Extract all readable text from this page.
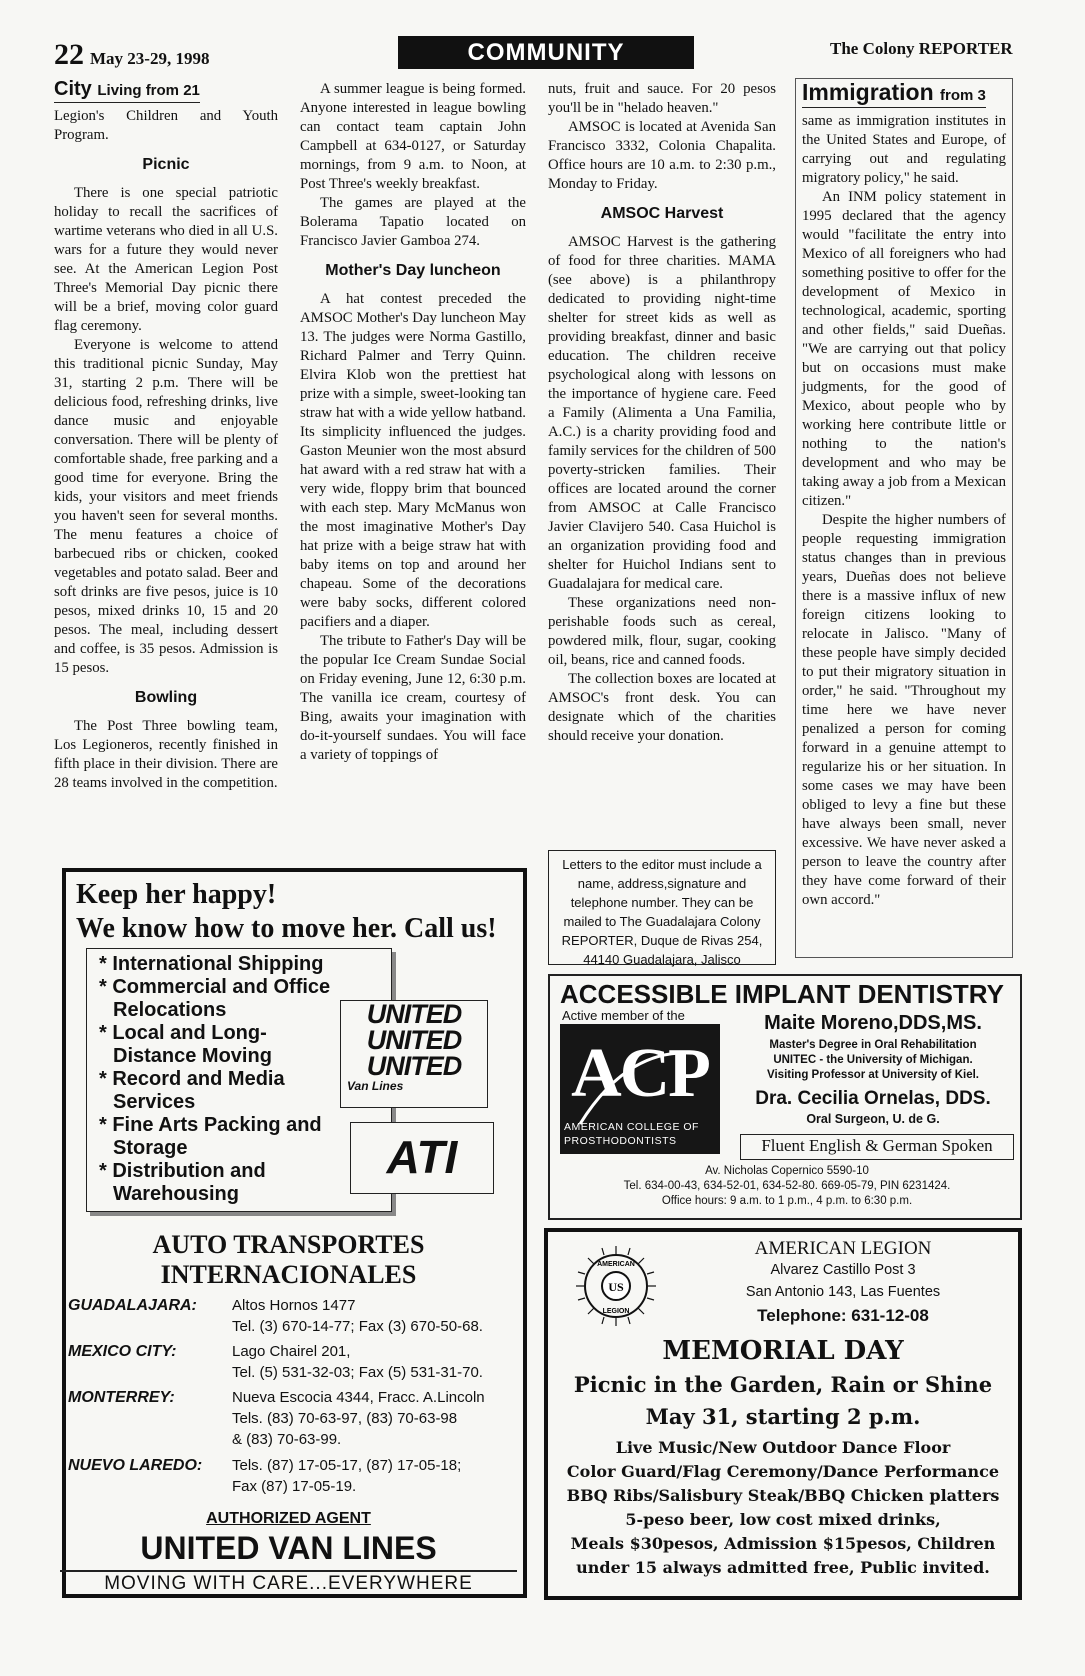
22 May 23-29, 1998	COMMUNITY	The Colony REPORTER
City Living from 21

Legion's Children and Youth Program.

Picnic

There is one special patriotic holiday to recall the sacrifices of wartime veterans who died in all U.S. wars for a future they would never see. At the American Legion Post Three's Memorial Day picnic there will be a brief, moving color guard flag ceremony.

Everyone is welcome to attend this traditional picnic Sunday, May 31, starting 2 p.m. There will be delicious food, refreshing drinks, live dance music and enjoyable conversation. There will be plenty of comfortable shade, free parking and a good time for everyone. Bring the kids, your visitors and meet friends you haven't seen for several months. The menu features a choice of barbecued ribs or chicken, cooked vegetables and potato salad. Beer and soft drinks are five pesos, juice is 10 pesos, mixed drinks 10, 15 and 20 pesos. The meal, including dessert and coffee, is 35 pesos. Admission is 15 pesos.

Bowling

The Post Three bowling team, Los Legioneros, recently finished in fifth place in their division. There are 28 teams involved in the competition.

A summer league is being formed. Anyone interested in league bowling can contact team captain John Campbell at 634-0127, or Saturday mornings, from 9 a.m. to Noon, at Post Three's weekly breakfast.

The games are played at the Bolerama Tapatio located on Francisco Javier Gamboa 274.

Mother's Day luncheon

A hat contest preceded the AMSOC Mother's Day luncheon May 13. The judges were Norma Gastillo, Richard Palmer and Terry Quinn. Elvira Klob won the prettiest hat prize with a simple, sweet-looking tan straw hat with a wide yellow hatband. Its simplicity influenced the judges. Gaston Meunier won the most absurd hat award with a red straw hat with a very wide, floppy brim that bounced with each step. Mary McManus won the most imaginative Mother's Day hat prize with a beige straw hat with baby items on top and around her chapeau. Some of the decorations were baby socks, different colored pacifiers and a diaper.

The tribute to Father's Day will be the popular Ice Cream Sundae Social on Friday evening, June 12, 6:30 p.m. The vanilla ice cream, courtesy of Bing, awaits your imagination with do-it-yourself sundaes. You will face a variety of toppings of

nuts, fruit and sauce. For 20 pesos you'll be in "helado heaven."

AMSOC is located at Avenida San Francisco 3332, Colonia Chapalita. Office hours are 10 a.m. to 2:30 p.m., Monday to Friday.

AMSOC Harvest

AMSOC Harvest is the gathering of food for three charities. MAMA (see above) is a philanthropy dedicated to providing night-time shelter for street kids as well as providing breakfast, dinner and basic education. The children receive psychological along with lessons on the importance of hygiene care. Feed a Family (Alimenta a Una Familia, A.C.) is a charity providing food and family services for the children of 500 poverty-stricken families. Their offices are located around the corner from AMSOC at Calle Francisco Javier Clavijero 540. Casa Huichol is an organization providing food and shelter for Huichol Indians sent to Guadalajara for medical care.

These organizations need non-perishable foods such as cereal, powdered milk, flour, sugar, cooking oil, beans, rice and canned foods.

The collection boxes are located at AMSOC's front desk. You can designate which of the charities should receive your donation.

Letters to the editor must include a name, address,signature and telephone number. They can be mailed to The Guadalajara Colony REPORTER, Duque de Rivas 254, 44140 Guadalajara, Jalisco
Immigration from 3

same as immigration institutes in the United States and Europe, of carrying out and regulating migratory policy," he said.

An INM policy statement in 1995 declared that the agency would "facilitate the entry into Mexico of all foreigners who had something positive to offer for the development of Mexico in technological, academic, sporting and other fields," said Dueñas. "We are carrying out that policy but on occasions must make judgments, for the good of Mexico, about people who by working here contribute little or nothing to the nation's development and who may be taking away a job from a Mexican citizen."

Despite the higher numbers of people requesting immigration status changes than in previous years, Dueñas does not believe there is a massive influx of new foreign citizens looking to relocate in Jalisco. "Many of these people have simply decided to put their migratory situation in order," he said. "Throughout my time here we have never penalized a person for coming forward in a genuine attempt to regularize his or her situation. In some cases we may have been obliged to levy a fine but these have always been small, never excessive. We have never asked a person to leave the country after they have come forward of their own accord."

Keep her happy!
We know how to move her. Call us!
* International Shipping
* Commercial and Office Relocations
* Local and Long-Distance Moving
* Record and Media Services
* Fine Arts Packing and Storage
* Distribution and Warehousing
UNITED
UNITED
UNITED
Van Lines
ATI
AUTO TRANSPORTES
INTERNACIONALES
GUADALAJARA:	Altos Hornos 1477
Tel. (3) 670-14-77; Fax (3) 670-50-68.
MEXICO CITY:	Lago Chairel 201,
Tel. (5) 531-32-03; Fax (5) 531-31-70.
MONTERREY:	Nueva Escocia 4344, Fracc. A.Lincoln
Tels. (83) 70-63-97, (83) 70-63-98
& (83) 70-63-99.
NUEVO LAREDO:	Tels. (87) 17-05-17, (87) 17-05-18;
Fax (87) 17-05-19.
AUTHORIZED AGENT
UNITED VAN LINES
MOVING WITH CARE...EVERYWHERE
ACCESSIBLE IMPLANT DENTISTRY
Active member of the
ACP
AMERICAN COLLEGE OF
PROSTHODONTISTS
Maite Moreno,DDS,MS.
Master's Degree in Oral Rehabilitation
UNITEC - the University of Michigan.
Visiting Professor at University of Kiel.
Dra. Cecilia Ornelas, DDS.
Oral Surgeon, U. de G.
Fluent English & German Spoken
Av. Nicholas Copernico 5590-10
Tel. 634-00-43, 634-52-01, 634-52-80. 669-05-79, PIN 6231424.
Office hours: 9 a.m. to 1 p.m., 4 p.m. to 6:30 p.m.
US
AMERICAN
LEGION
AMERICAN LEGION
Alvarez Castillo Post 3
San Antonio 143, Las Fuentes
Telephone: 631-12-08
MEMORIAL DAY
Picnic in the Garden, Rain or Shine
May 31, starting 2 p.m.
Live Music/New Outdoor Dance Floor
Color Guard/Flag Ceremony/Dance Performance
BBQ Ribs/Salisbury Steak/BBQ Chicken platters
5-peso beer, low cost mixed drinks,
Meals $30pesos, Admission $15pesos, Children
under 15 always admitted free, Public invited.
